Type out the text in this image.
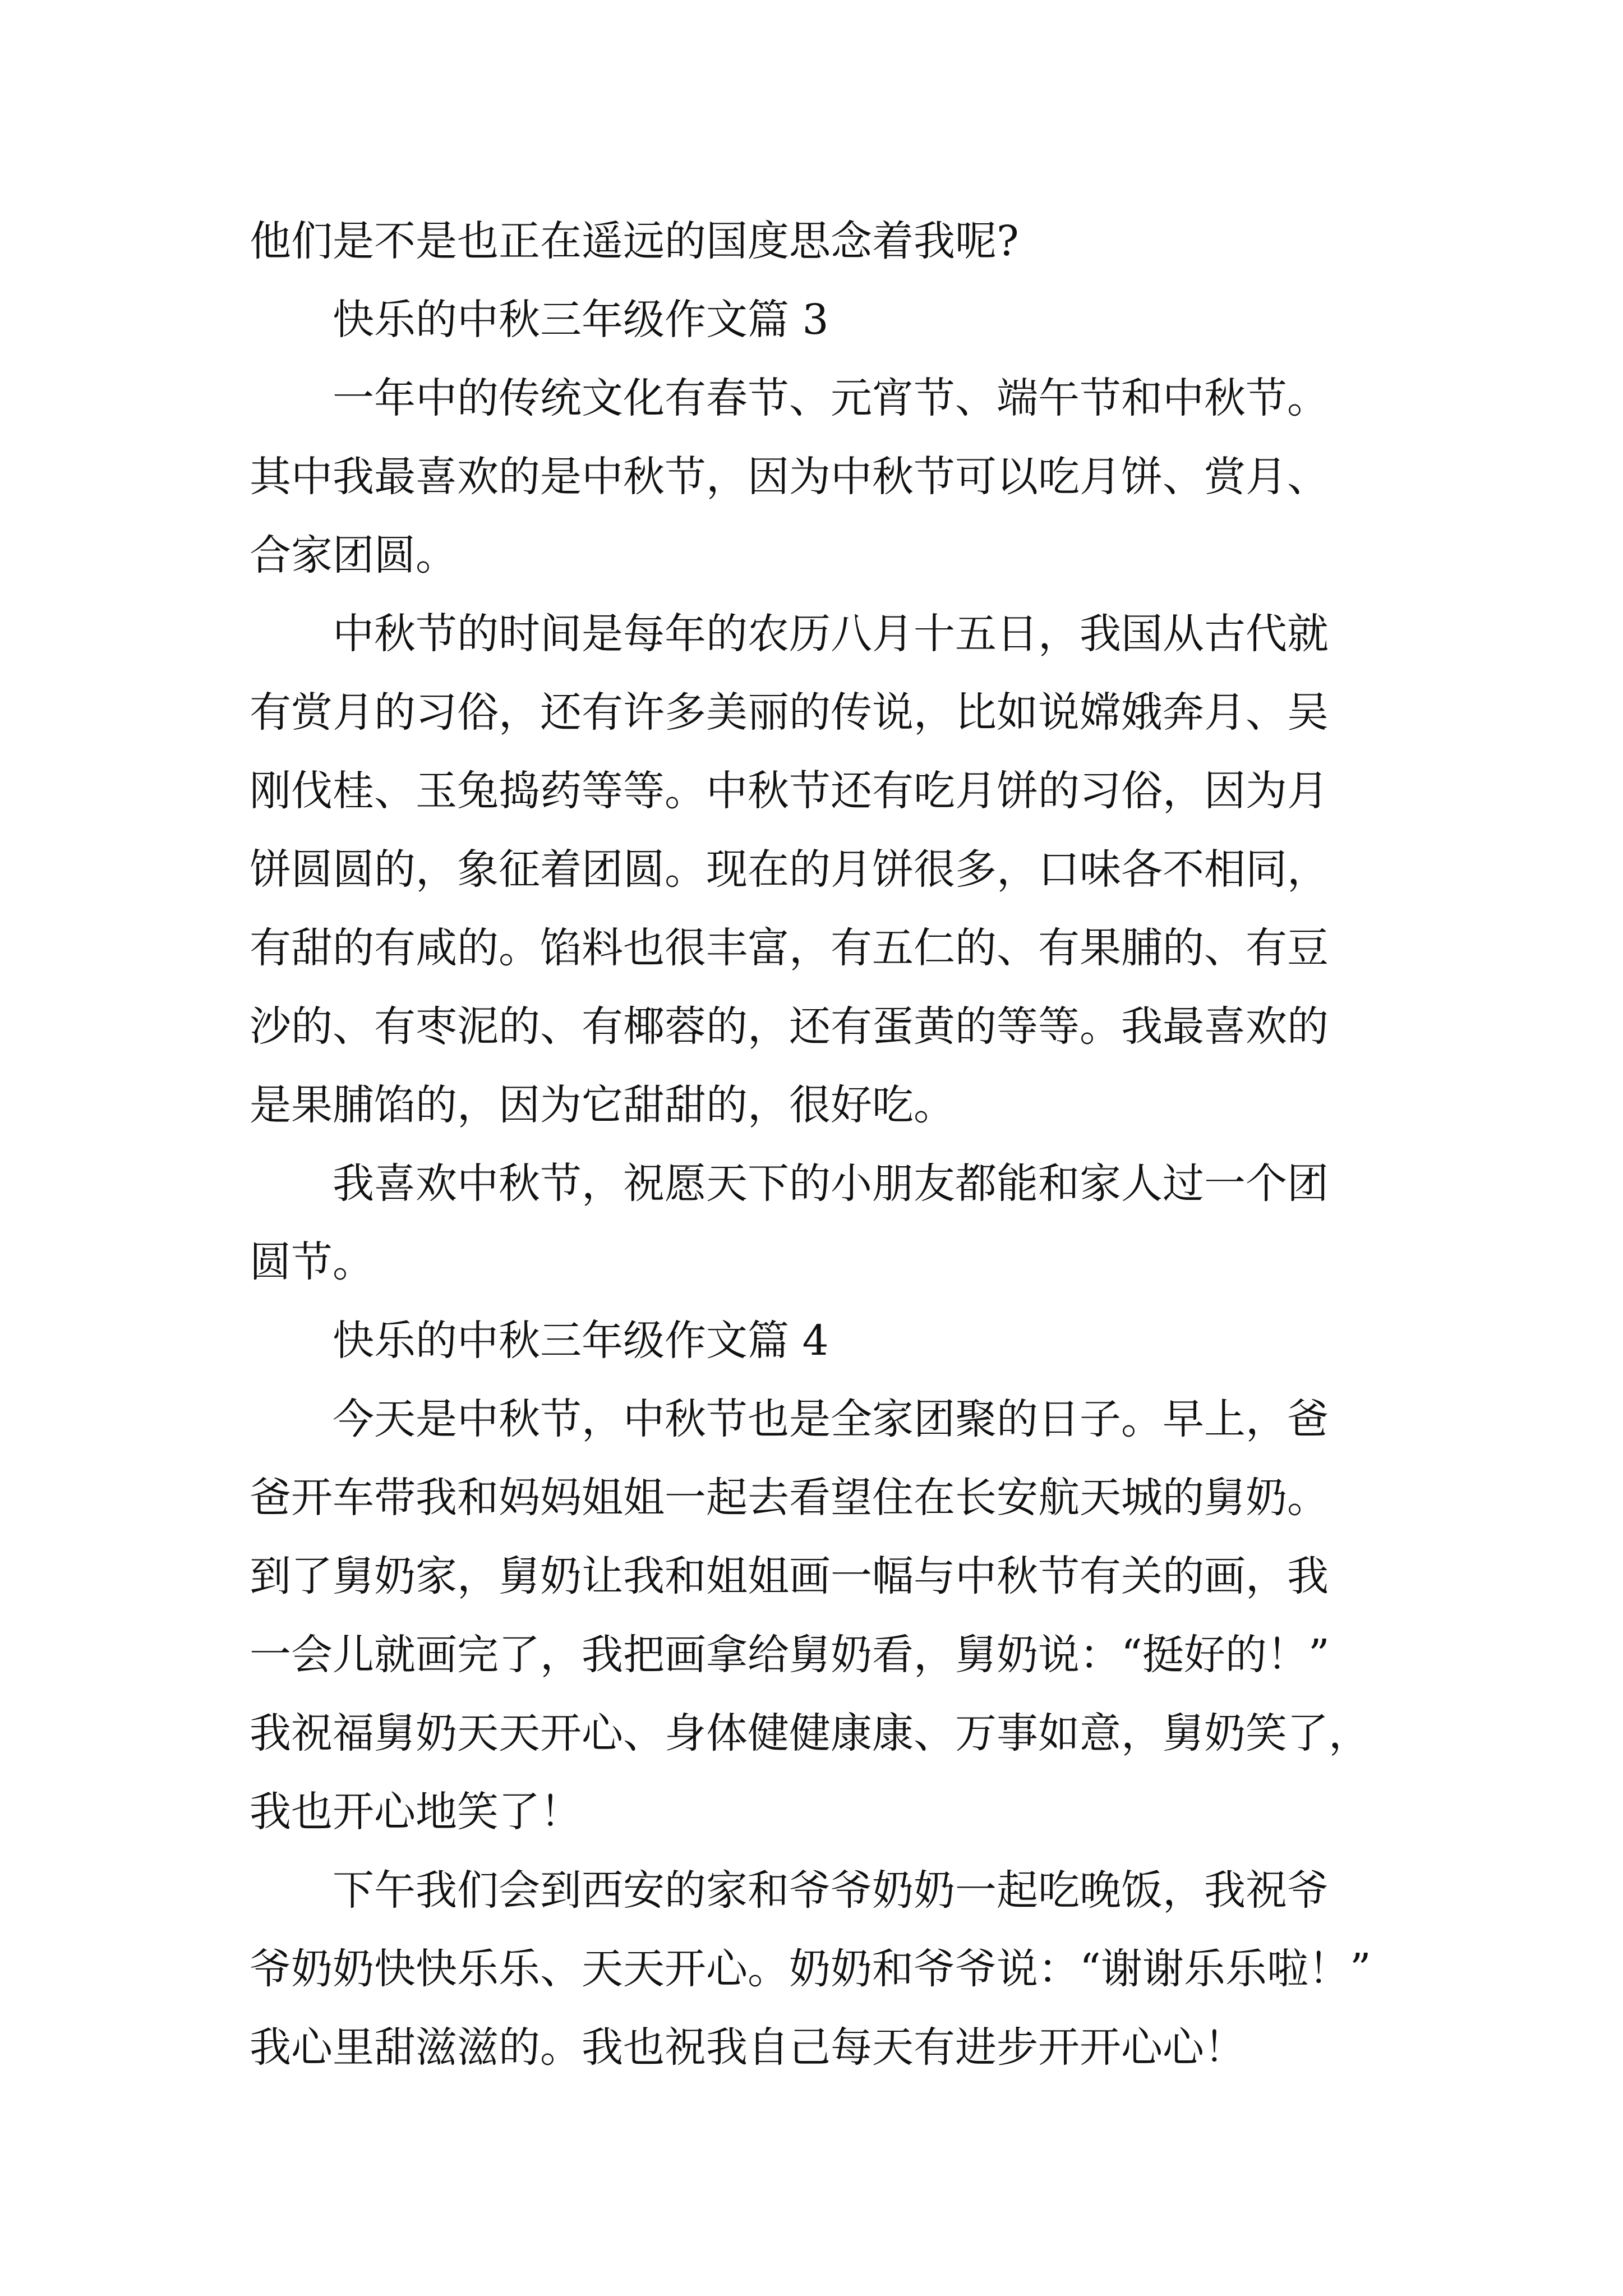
他们是不是也正在遥远的国度思念着我呢?
快乐的中秋三年级作文篇 3
一年中的传统文化有春节、元宵节、端午节和中秋节。
其中我最喜欢的是中秋节，因为中秋节可以吃月饼、赏月、
合家团圆。
中秋节的时间是每年的农历八月十五日，我国从古代就
有赏月的习俗，还有许多美丽的传说，比如说嫦娥奔月、吴
刚伐桂、玉兔捣药等等。中秋节还有吃月饼的习俗，因为月
饼圆圆的，象征着团圆。现在的月饼很多，口味各不相同，
有甜的有咸的。馅料也很丰富，有五仁的、有果脯的、有豆
沙的、有枣泥的、有椰蓉的，还有蛋黄的等等。我最喜欢的
是果脯馅的，因为它甜甜的，很好吃。
我喜欢中秋节，祝愿天下的小朋友都能和家人过一个团
圆节。
快乐的中秋三年级作文篇 4
今天是中秋节，中秋节也是全家团聚的日子。早上，爸
爸开车带我和妈妈姐姐一起去看望住在长安航天城的舅奶。
到了舅奶家，舅奶让我和姐姐画一幅与中秋节有关的画，我
一会儿就画完了，我把画拿给舅奶看，舅奶说：“挺好的！”
我祝福舅奶天天开心、身体健健康康、万事如意，舅奶笑了，
我也开心地笑了！
下午我们会到西安的家和爷爷奶奶一起吃晚饭，我祝爷
爷奶奶快快乐乐、天天开心。奶奶和爷爷说：“谢谢乐乐啦！”
我心里甜滋滋的。我也祝我自己每天有进步开开心心！
